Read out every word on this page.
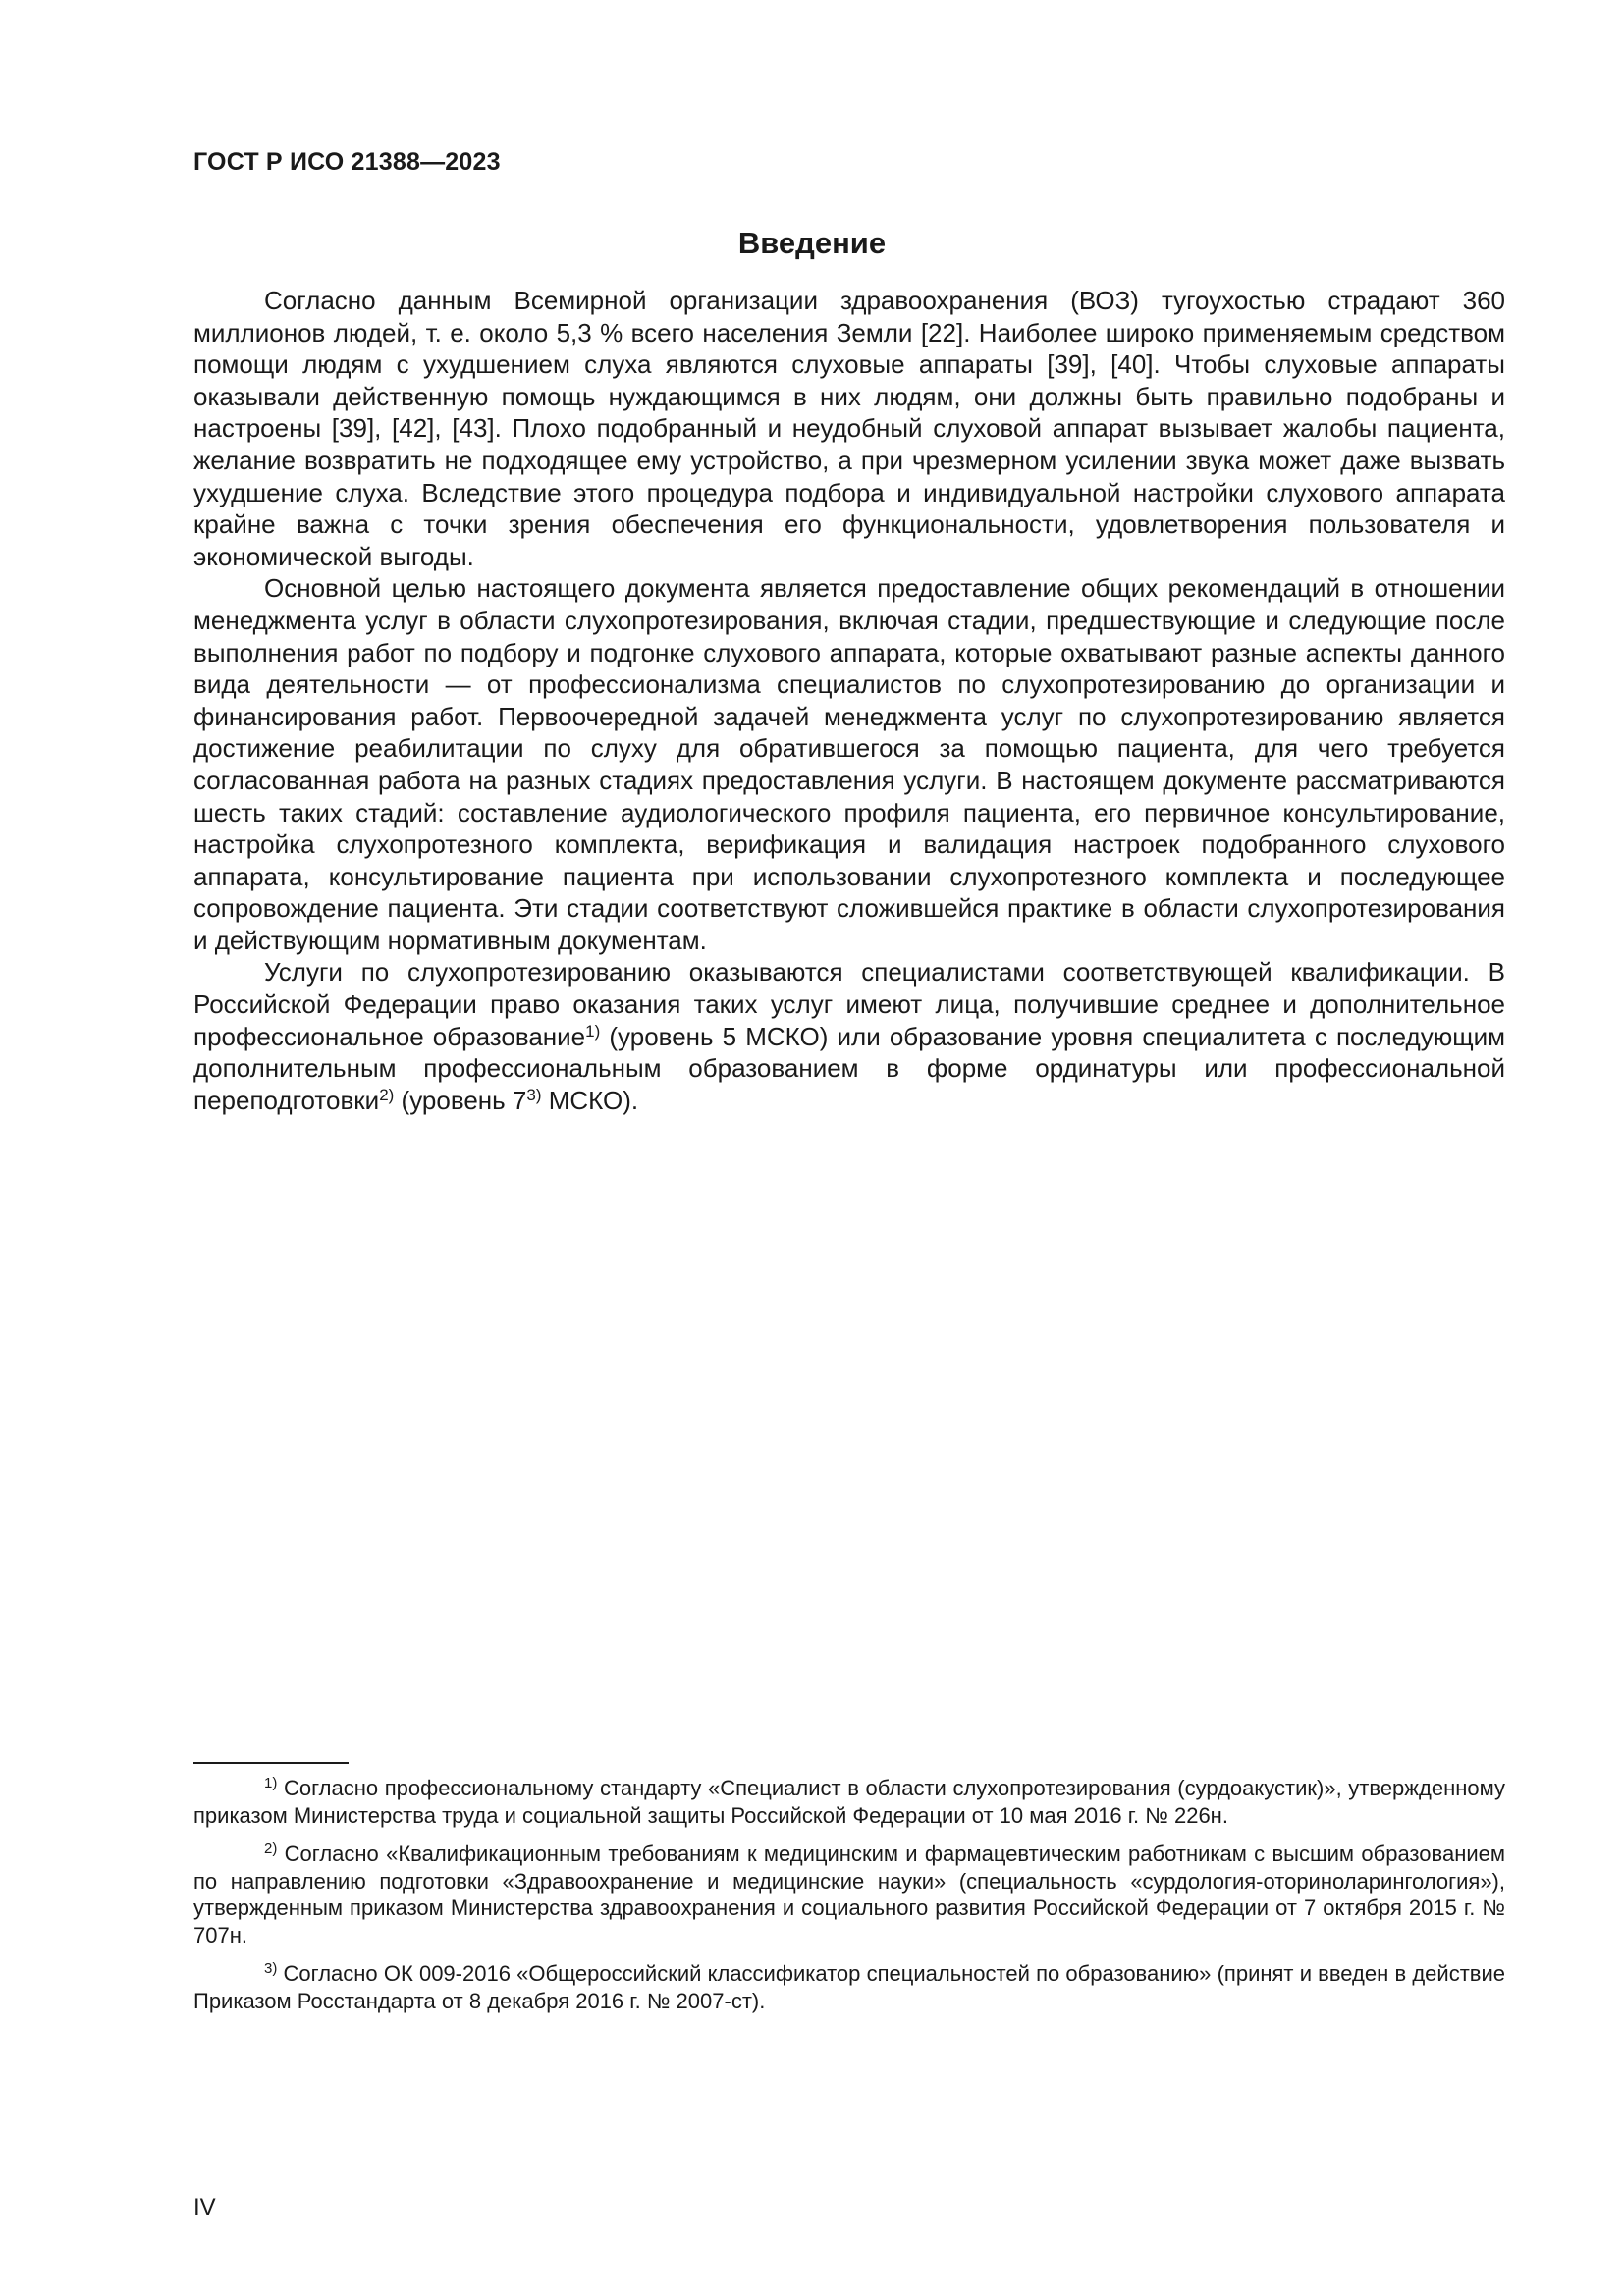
ГОСТ Р ИСО 21388—2023
Введение

Согласно данным Всемирной организации здравоохранения (ВОЗ) тугоухостью страдают 360 миллионов людей, т. е. около 5,3 % всего населения Земли [22]. Наиболее широко применяемым средством помощи людям с ухудшением слуха являются слуховые аппараты [39], [40]. Чтобы слуховые аппараты оказывали действенную помощь нуждающимся в них людям, они должны быть правильно подобраны и настроены [39], [42], [43]. Плохо подобранный и неудобный слуховой аппарат вызывает жалобы пациента, желание возвратить не подходящее ему устройство, а при чрезмерном усилении звука может даже вызвать ухудшение слуха. Вследствие этого процедура подбора и индивидуальной настройки слухового аппарата крайне важна с точки зрения обеспечения его функциональности, удовлетворения пользователя и экономической выгоды.

Основной целью настоящего документа является предоставление общих рекомендаций в отношении менеджмента услуг в области слухопротезирования, включая стадии, предшествующие и следующие после выполнения работ по подбору и подгонке слухового аппарата, которые охватывают разные аспекты данного вида деятельности — от профессионализма специалистов по слухопротезированию до организации и финансирования работ. Первоочередной задачей менеджмента услуг по слухопротезированию является достижение реабилитации по слуху для обратившегося за помощью пациента, для чего требуется согласованная работа на разных стадиях предоставления услуги. В настоящем документе рассматриваются шесть таких стадий: составление аудиологического профиля пациента, его первичное консультирование, настройка слухопротезного комплекта, верификация и валидация настроек подобранного слухового аппарата, консультирование пациента при использовании слухопротезного комплекта и последующее сопровождение пациента. Эти стадии соответствуют сложившейся практике в области слухопротезирования и действующим нормативным документам.

Услуги по слухопротезированию оказываются специалистами соответствующей квалификации. В Российской Федерации право оказания таких услуг имеют лица, получившие среднее и дополнительное профессиональное образование$^{1)}$ (уровень 5 МСКО) или образование уровня специалитета с последующим дополнительным профессиональным образованием в форме ординатуры или профессиональной переподготовки$^{2)}$ (уровень 7$^{3)}$ МСКО).

$^{1)}$ Согласно профессиональному стандарту «Специалист в области слухопротезирования (сурдоакустик)», утвержденному приказом Министерства труда и социальной защиты Российской Федерации от 10 мая 2016 г. № 226н.

$^{2)}$ Согласно «Квалификационным требованиям к медицинским и фармацевтическим работникам с высшим образованием по направлению подготовки «Здравоохранение и медицинские науки» (специальность «сурдология-оториноларингология»), утвержденным приказом Министерства здравоохранения и социального развития Российской Федерации от 7 октября 2015 г. № 707н.

$^{3)}$ Согласно ОК 009-2016 «Общероссийский классификатор специальностей по образованию» (принят и введен в действие Приказом Росстандарта от 8 декабря 2016 г. № 2007-ст).

IV
